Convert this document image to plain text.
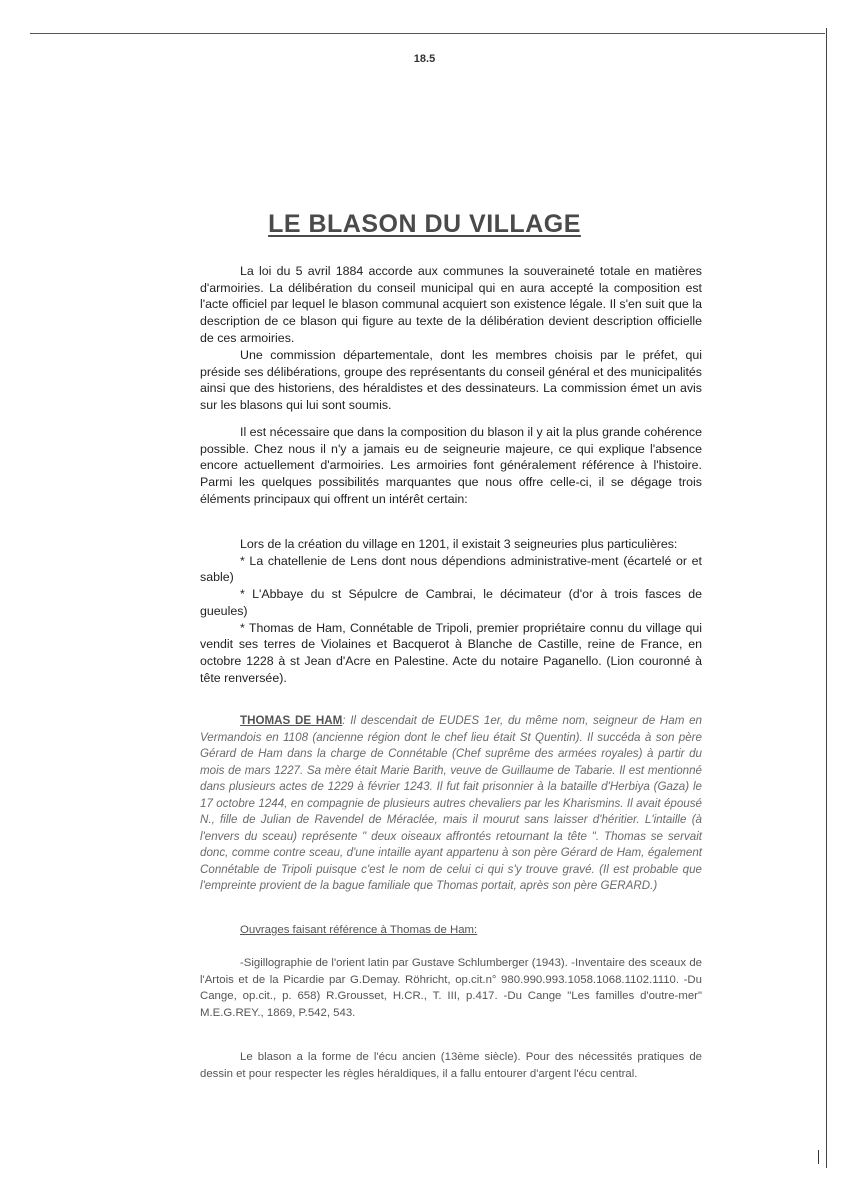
18.5
LE BLASON DU VILLAGE

La loi du 5 avril 1884 accorde aux communes la souveraineté totale en matières d'armoiries. La délibération du conseil municipal qui en aura accepté la composition est l'acte officiel par lequel le blason communal acquiert son existence légale. Il s'en suit que la description de ce blason qui figure au texte de la délibération devient description officielle de ces armoiries.

Une commission départementale, dont les membres choisis par le préfet, qui préside ses délibérations, groupe des représentants du conseil général et des municipalités ainsi que des historiens, des héraldistes et des dessinateurs. La commission émet un avis sur les blasons qui lui sont soumis.

Il est nécessaire que dans la composition du blason il y ait la plus grande cohérence possible. Chez nous il n'y a jamais eu de seigneurie majeure, ce qui explique l'absence encore actuellement d'armoiries. Les armoiries font généralement référence à l'histoire. Parmi les quelques possibilités marquantes que nous offre celle-ci, il se dégage trois éléments principaux qui offrent un intérêt certain:

Lors de la création du village en 1201, il existait 3 seigneuries plus particulières:
* La chatellenie de Lens dont nous dépendions administrative-ment (écartelé or et sable)
* L'Abbaye du st Sépulcre de Cambrai, le décimateur (d'or à trois fasces de gueules)
* Thomas de Ham, Connétable de Tripoli, premier propriétaire connu du village qui vendit ses terres de Violaines et Bacquerot à Blanche de Castille, reine de France, en octobre 1228 à st Jean d'Acre en Palestine. Acte du notaire Paganello. (Lion couronné à tête renversée).

THOMAS DE HAM: Il descendait de EUDES 1er, du même nom, seigneur de Ham en Vermandois en 1108 (ancienne région dont le chef lieu était St Quentin). Il succéda à son père Gérard de Ham dans la charge de Connétable (Chef suprême des armées royales) à partir du mois de mars 1227. Sa mère était Marie Barith, veuve de Guillaume de Tabarie. Il est mentionné dans plusieurs actes de 1229 à février 1243. Il fut fait prisonnier à la bataille d'Herbiya (Gaza) le 17 octobre 1244, en compagnie de plusieurs autres chevaliers par les Kharismins. Il avait épousé N., fille de Julian de Ravendel de Méraclée, mais il mourut sans laisser d'héritier. L'intaille (à l'envers du sceau) représente " deux oiseaux affrontés retournant la tête ". Thomas se servait donc, comme contre sceau, d'une intaille ayant appartenu à son père Gérard de Ham, également Connétable de Tripoli puisque c'est le nom de celui ci qui s'y trouve gravé. (Il est probable que l'empreinte provient de la bague familiale que Thomas portait, après son père GERARD.)

Ouvrages faisant référence à Thomas de Ham:

-Sigillographie de l'orient latin par Gustave Schlumberger (1943). -Inventaire des sceaux de l'Artois et de la Picardie par G.Demay. Röhricht, op.cit.n° 980.990.993.1058.1068.1102.1110. -Du Cange, op.cit., p. 658) R.Grousset, H.CR., T. III, p.417. -Du Cange "Les familles d'outre-mer" M.E.G.REY., 1869, P.542, 543.

Le blason a la forme de l'écu ancien (13ème siècle). Pour des nécessités pratiques de dessin et pour respecter les règles héraldiques, il a fallu entourer d'argent l'écu central.
